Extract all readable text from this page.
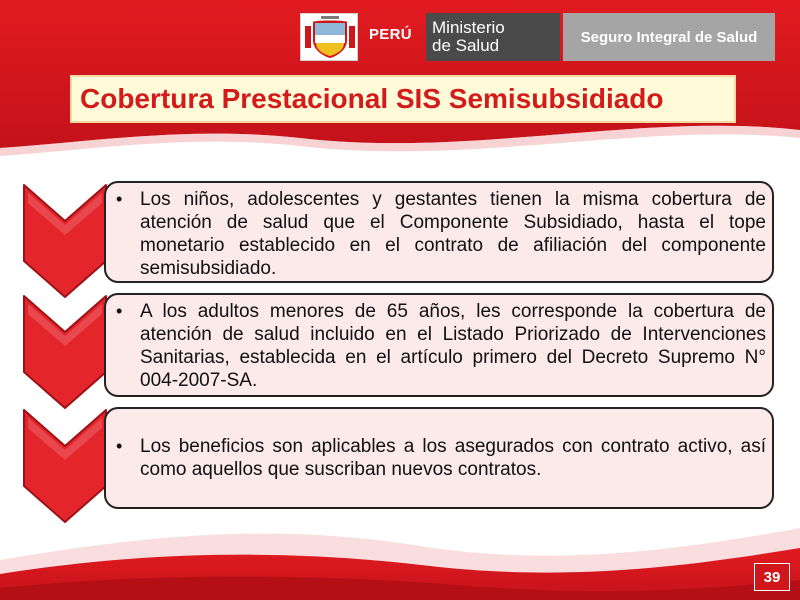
PERÚ Ministerio
de Salud	Seguro Integral de Salud
Cobertura Prestacional SIS Semisubsidiado
• Los niños, adolescentes y gestantes tienen la misma cobertura de atención de salud que el Componente Subsidiado, hasta el tope monetario establecido en el contrato de afiliación del componente semisubsidiado.
• A los adultos menores de 65 años, les corresponde la cobertura de atención de salud incluido en el Listado Priorizado de Intervenciones Sanitarias, establecida en el artículo primero del Decreto Supremo N° 004-2007-SA.
• Los beneficios son aplicables a los asegurados con contrato activo, así como aquellos que suscriban nuevos contratos.
39
